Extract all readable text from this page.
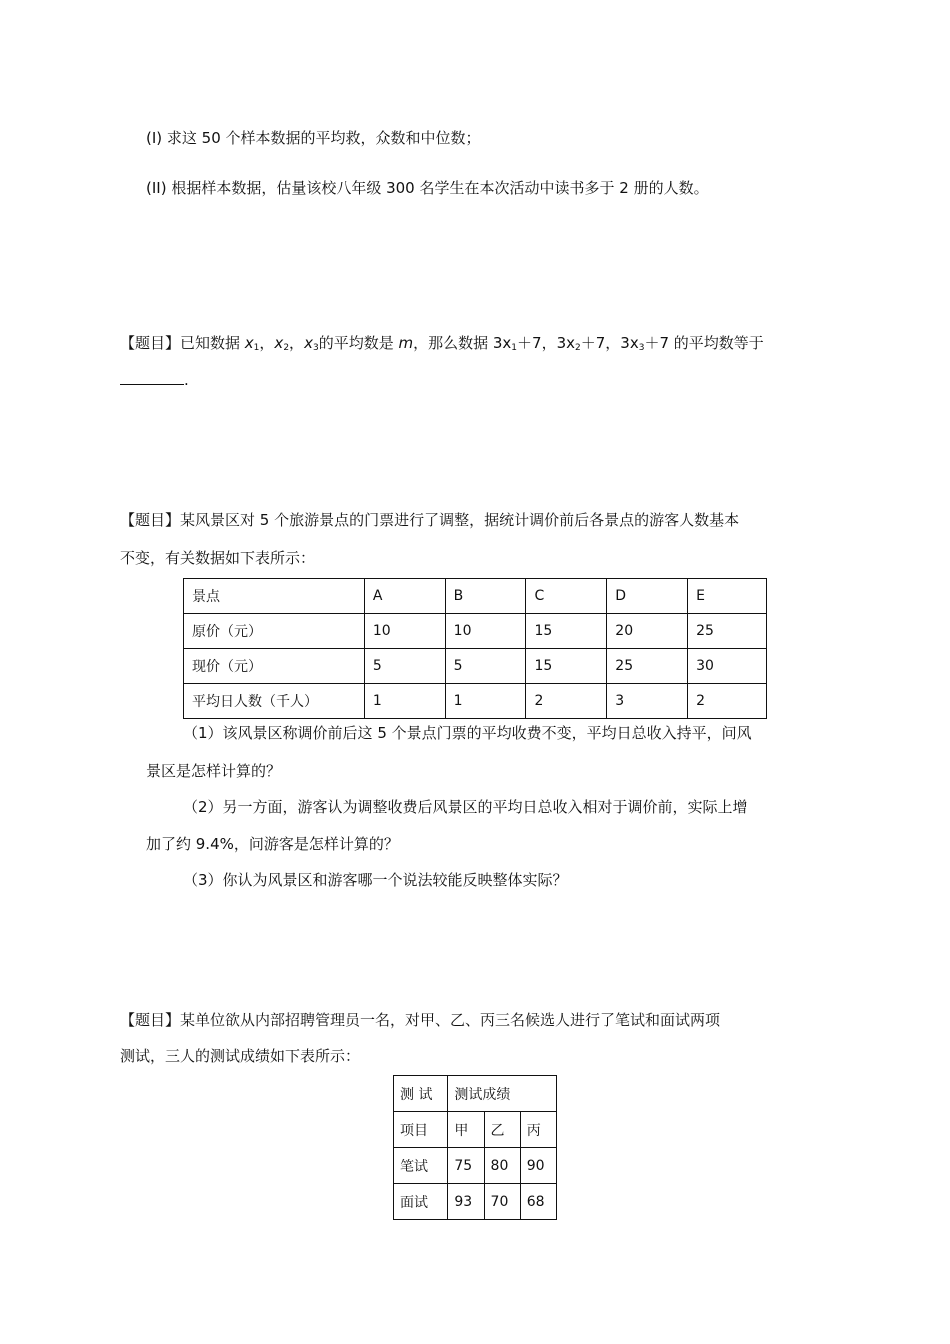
(I) 求这 50 个样本数据的平均救，众数和中位数；
(II) 根据样本数据，估量该校八年级 300 名学生在本次活动中读书多于 2 册的人数。
【题目】已知数据 $x_1$，$x_2$，$x_3$的平均数是 m，那么数据 $3x_1+7$，$3x_2+7$，$3x_3+7$ 的平均数等于
.
【题目】某风景区对 5 个旅游景点的门票进行了调整，据统计调价前后各景点的游客人数基本
不变，有关数据如下表所示：
景点	A	B	C	D	E
原价（元）	10	10	15	20	25
现价（元）	5	5	15	25	30
平均日人数（千人）	1	1	2	3	2
（1）该风景区称调价前后这 5 个景点门票的平均收费不变，平均日总收入持平，问风
景区是怎样计算的？
（2）另一方面，游客认为调整收费后风景区的平均日总收入相对于调价前，实际上增
加了约 9.4%，问游客是怎样计算的？
（3）你认为风景区和游客哪一个说法较能反映整体实际？
【题目】某单位欲从内部招聘管理员一名，对甲、乙、丙三名候选人进行了笔试和面试两项
测试，三人的测试成绩如下表所示：
测 试	测试成绩		
项目	甲	乙	丙
笔试	75	80	90
面试	93	70	68
